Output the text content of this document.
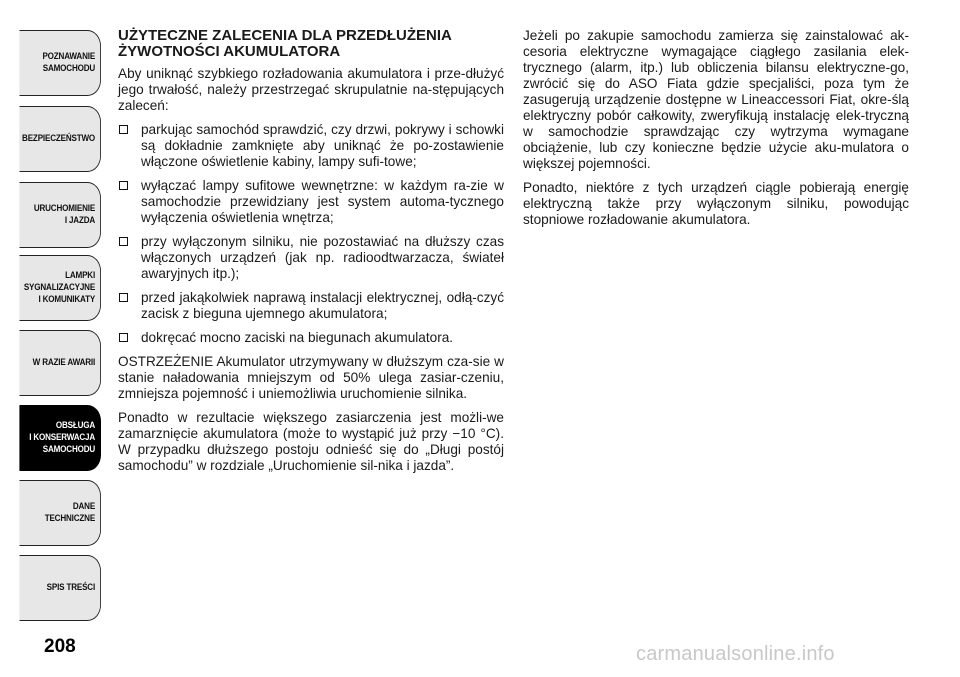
POZNAWANIE
SAMOCHODU
BEZPIECZEŃSTWO
URUCHOMIENIE
I JAZDA
LAMPKI
SYGNALIZACYJNE
I KOMUNIKATY
W RAZIE AWARII
OBSŁUGA
I KONSERWACJA
SAMOCHODU
DANE
TECHNICZNE
SPIS TREŚCI
208
UŻYTECZNE ZALECENIA DLA PRZEDŁUŻENIA ŻYWOTNOŚCI AKUMULATORA

Aby uniknąć szybkiego rozładowania akumulatora i prze-dłużyć jego trwałość, należy przestrzegać skrupulatnie na-stępujących zaleceń:

parkując samochód sprawdzić, czy drzwi, pokrywy i schowki są dokładnie zamknięte aby uniknąć że po-zostawienie włączone oświetlenie kabiny, lampy sufi-towe;
wyłączać lampy sufitowe wewnętrzne: w każdym ra-zie w samochodzie przewidziany jest system automa-tycznego wyłączenia oświetlenia wnętrza;
przy wyłączonym silniku, nie pozostawiać na dłuższy czas włączonych urządzeń (jak np. radioodtwarzacza, świateł awaryjnych itp.);
przed jakąkolwiek naprawą instalacji elektrycznej, odłą-czyć zacisk z bieguna ujemnego akumulatora;
dokręcać mocno zaciski na biegunach akumulatora.

OSTRZEŻENIE Akumulator utrzymywany w dłuższym cza-sie w stanie naładowania mniejszym od 50% ulega zasiar-czeniu, zmniejsza pojemność i uniemożliwia uruchomienie silnika.

Ponadto w rezultacie większego zasiarczenia jest możli-we zamarznięcie akumulatora (może to wystąpić już przy −10 °C). W przypadku dłuższego postoju odnieść się do „Długi postój samochodu” w rozdziale „Uruchomienie sil-nika i jazda”.

Jeżeli po zakupie samochodu zamierza się zainstalować ak-cesoria elektryczne wymagające ciągłego zasilania elek-trycznego (alarm, itp.) lub obliczenia bilansu elektryczne-go, zwrócić się do ASO Fiata gdzie specjaliści, poza tym że zasugerują urządzenie dostępne w Lineaccessori Fiat, okre-ślą elektryczny pobór całkowity, zweryfikują instalację elek-tryczną w samochodzie sprawdzając czy wytrzyma wymagane obciążenie, lub czy konieczne będzie użycie aku-mulatora o większej pojemności.

Ponadto, niektóre z tych urządzeń ciągle pobierają energię elektryczną także przy wyłączonym silniku, powodując stopniowe rozładowanie akumulatora.

carmanualsonline.info
